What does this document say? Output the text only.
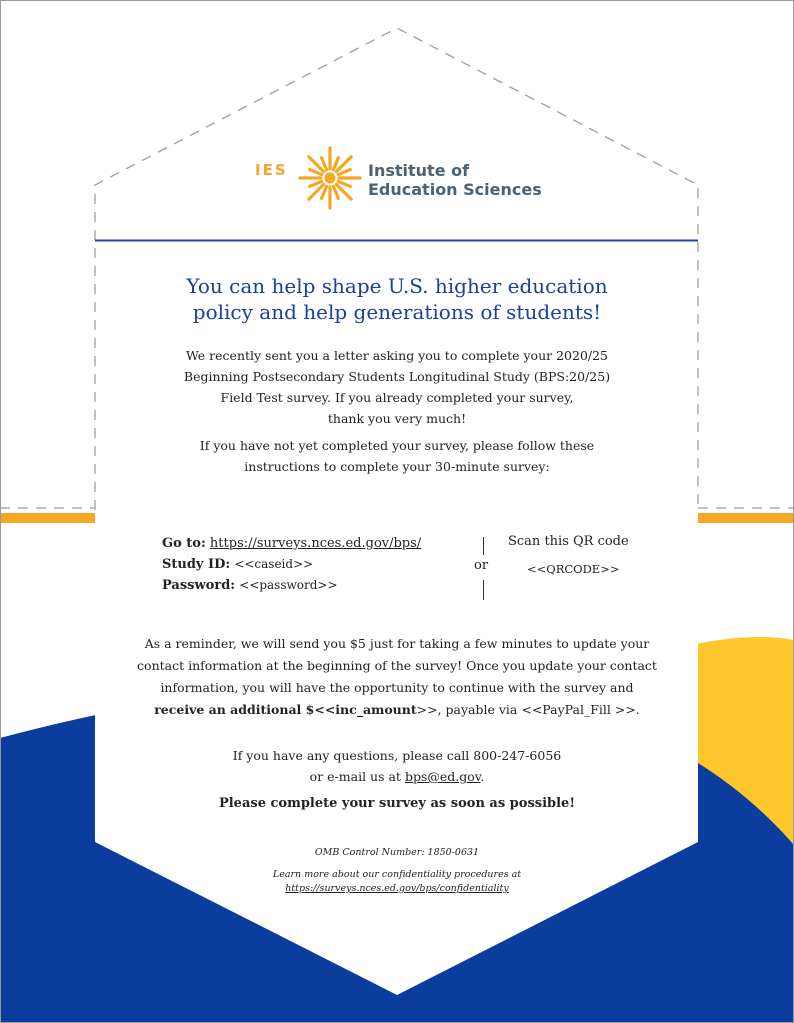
IES	Institute of
Education Sciences
You can help shape U.S. higher education
policy and help generations of students!

We recently sent you a letter asking you to complete your 2020/25
Beginning Postsecondary Students Longitudinal Study (BPS:20/25)
Field Test survey. If you already completed your survey,
thank you very much!

If you have not yet completed your survey, please follow these
instructions to complete your 30-minute survey:

Go to: https://surveys.nces.ed.gov/bps/
Study ID: <<caseid>>
Password: <<password>>
or
Scan this QR code
<<QRCODE>>

As a reminder, we will send you $5 just for taking a few minutes to update your
contact information at the beginning of the survey! Once you update your contact
information, you will have the opportunity to continue with the survey and
receive an additional $<<inc_amount>>, payable via <<PayPal_Fill >>.

If you have any questions, please call 800-247-6056
or e-mail us at bps@ed.gov.

Please complete your survey as soon as possible!

OMB Control Number: 1850-0631
Learn more about our confidentiality procedures at
https://surveys.nces.ed.gov/bps/confidentiality
